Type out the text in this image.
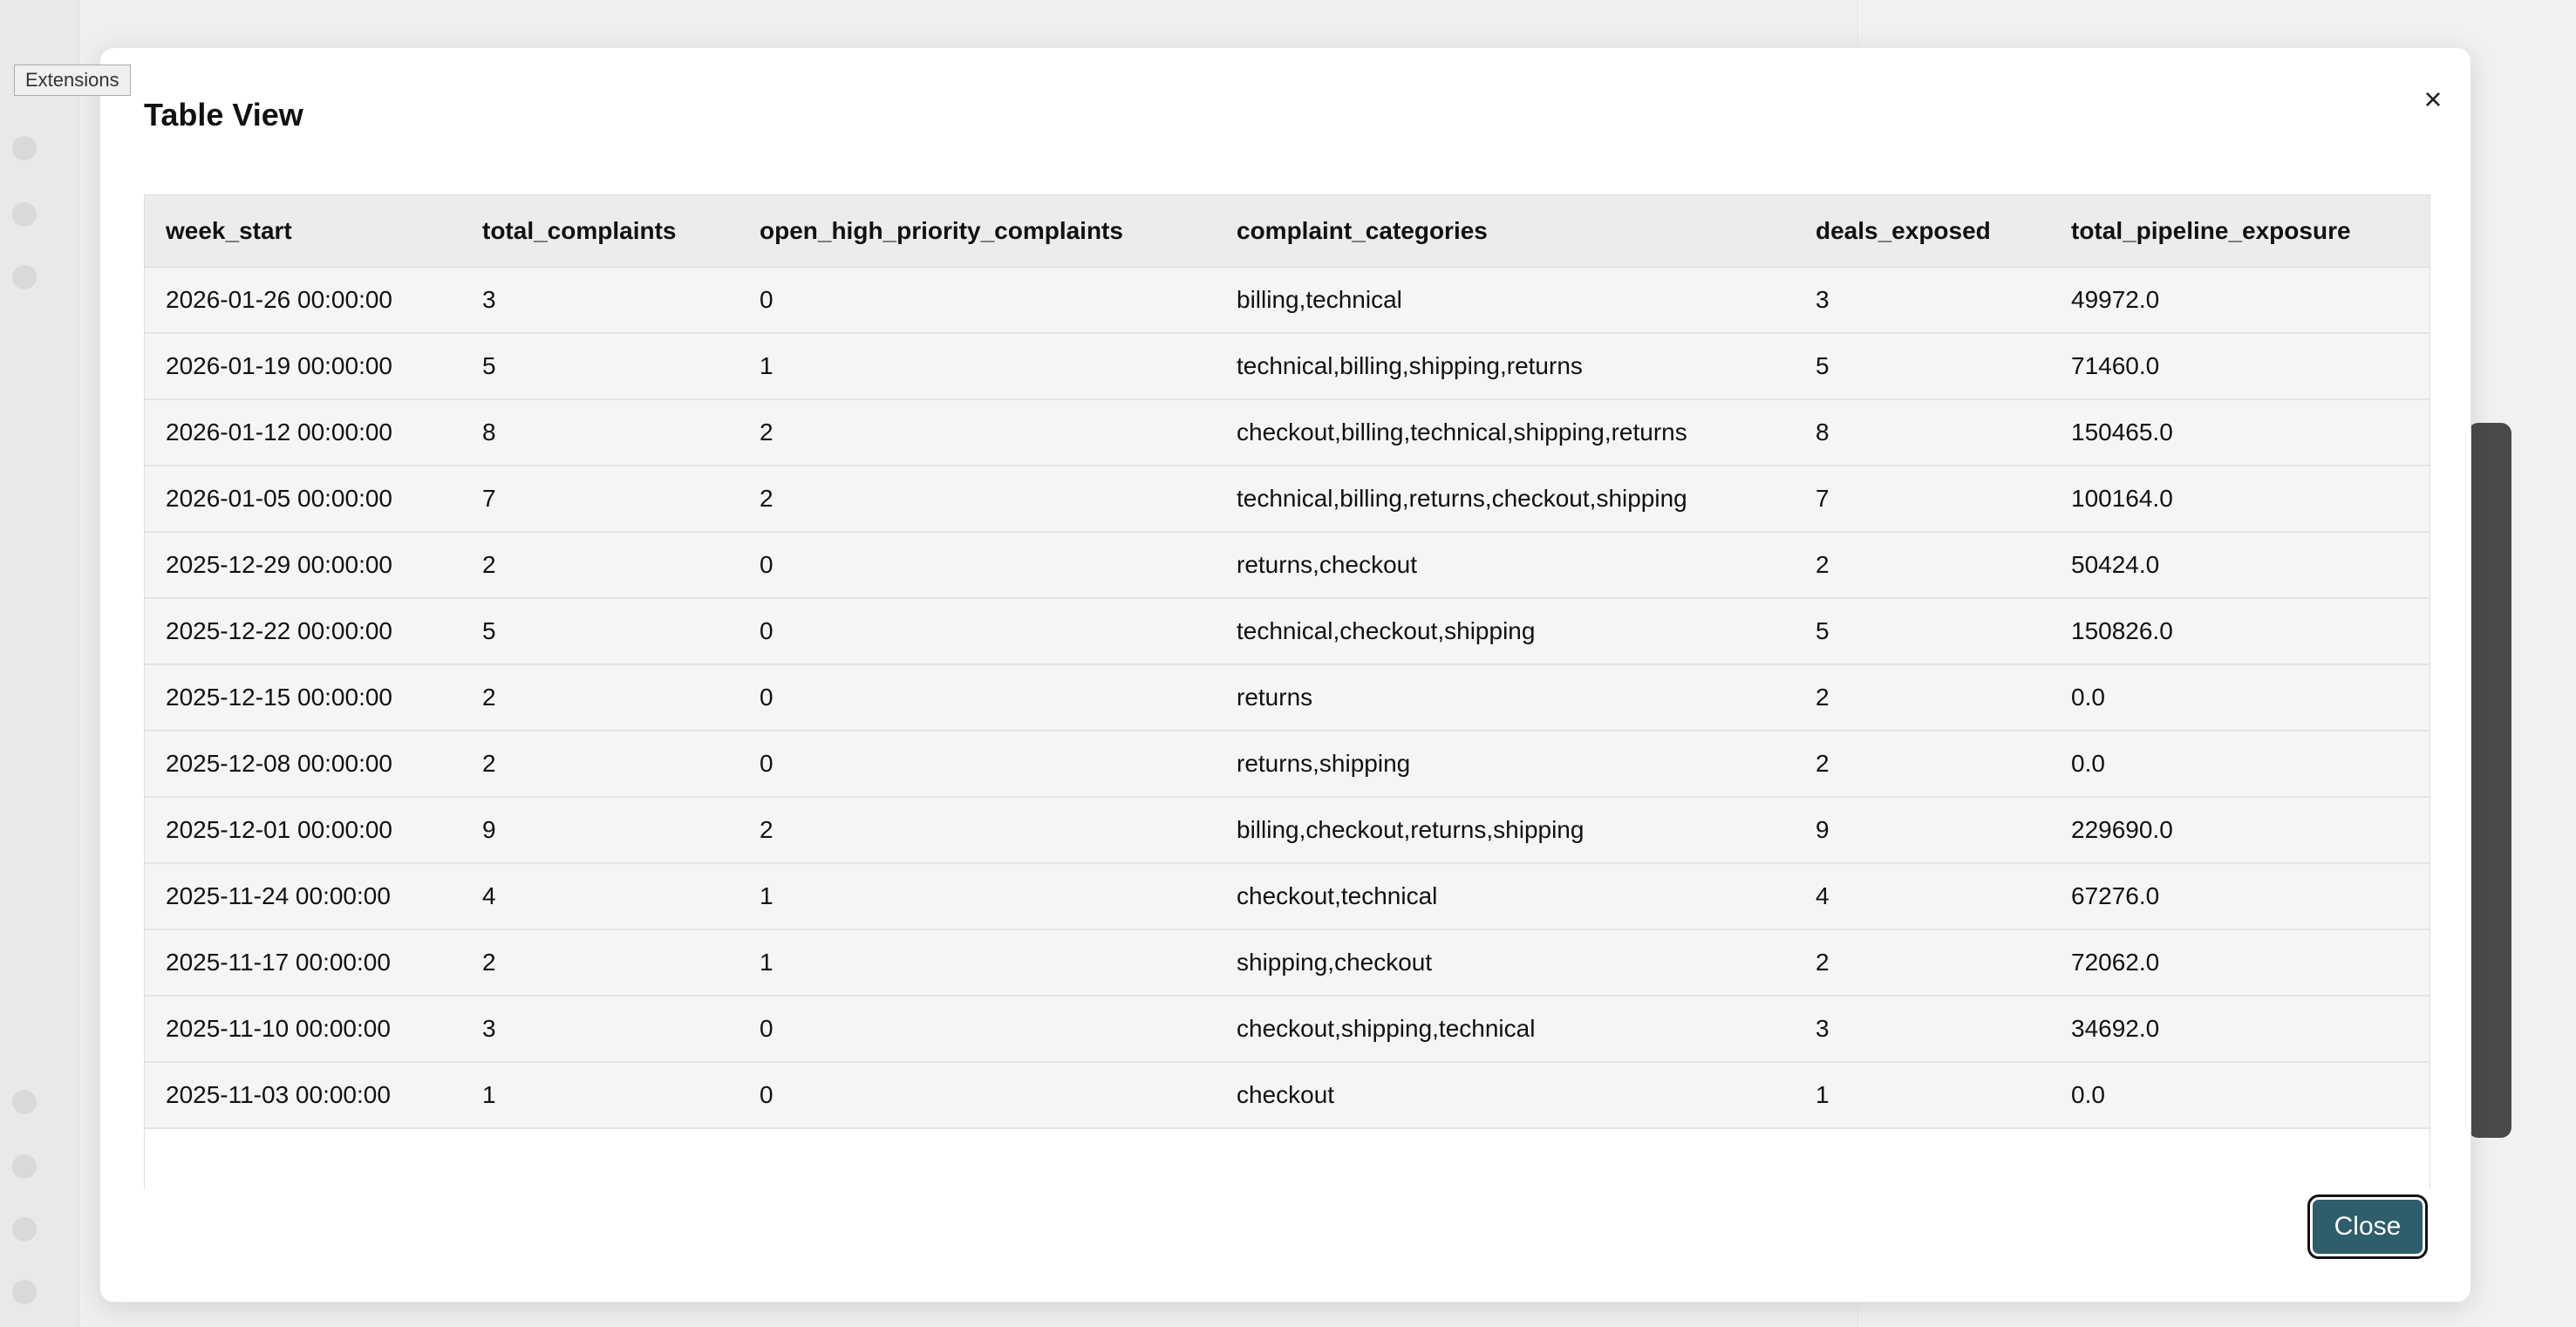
Extensions
Table View	×
week_start	total_complaints	open_high_priority_complaints	complaint_categories	deals_exposed	total_pipeline_exposure
2026-01-26 00:00:00	3	0	billing,technical	3	49972.0
2026-01-19 00:00:00	5	1	technical,billing,shipping,returns	5	71460.0
2026-01-12 00:00:00	8	2	checkout,billing,technical,shipping,returns	8	150465.0
2026-01-05 00:00:00	7	2	technical,billing,returns,checkout,shipping	7	100164.0
2025-12-29 00:00:00	2	0	returns,checkout	2	50424.0
2025-12-22 00:00:00	5	0	technical,checkout,shipping	5	150826.0
2025-12-15 00:00:00	2	0	returns	2	0.0
2025-12-08 00:00:00	2	0	returns,shipping	2	0.0
2025-12-01 00:00:00	9	2	billing,checkout,returns,shipping	9	229690.0
2025-11-24 00:00:00	4	1	checkout,technical	4	67276.0
2025-11-17 00:00:00	2	1	shipping,checkout	2	72062.0
2025-11-10 00:00:00	3	0	checkout,shipping,technical	3	34692.0
2025-11-03 00:00:00	1	0	checkout	1	0.0
Close
